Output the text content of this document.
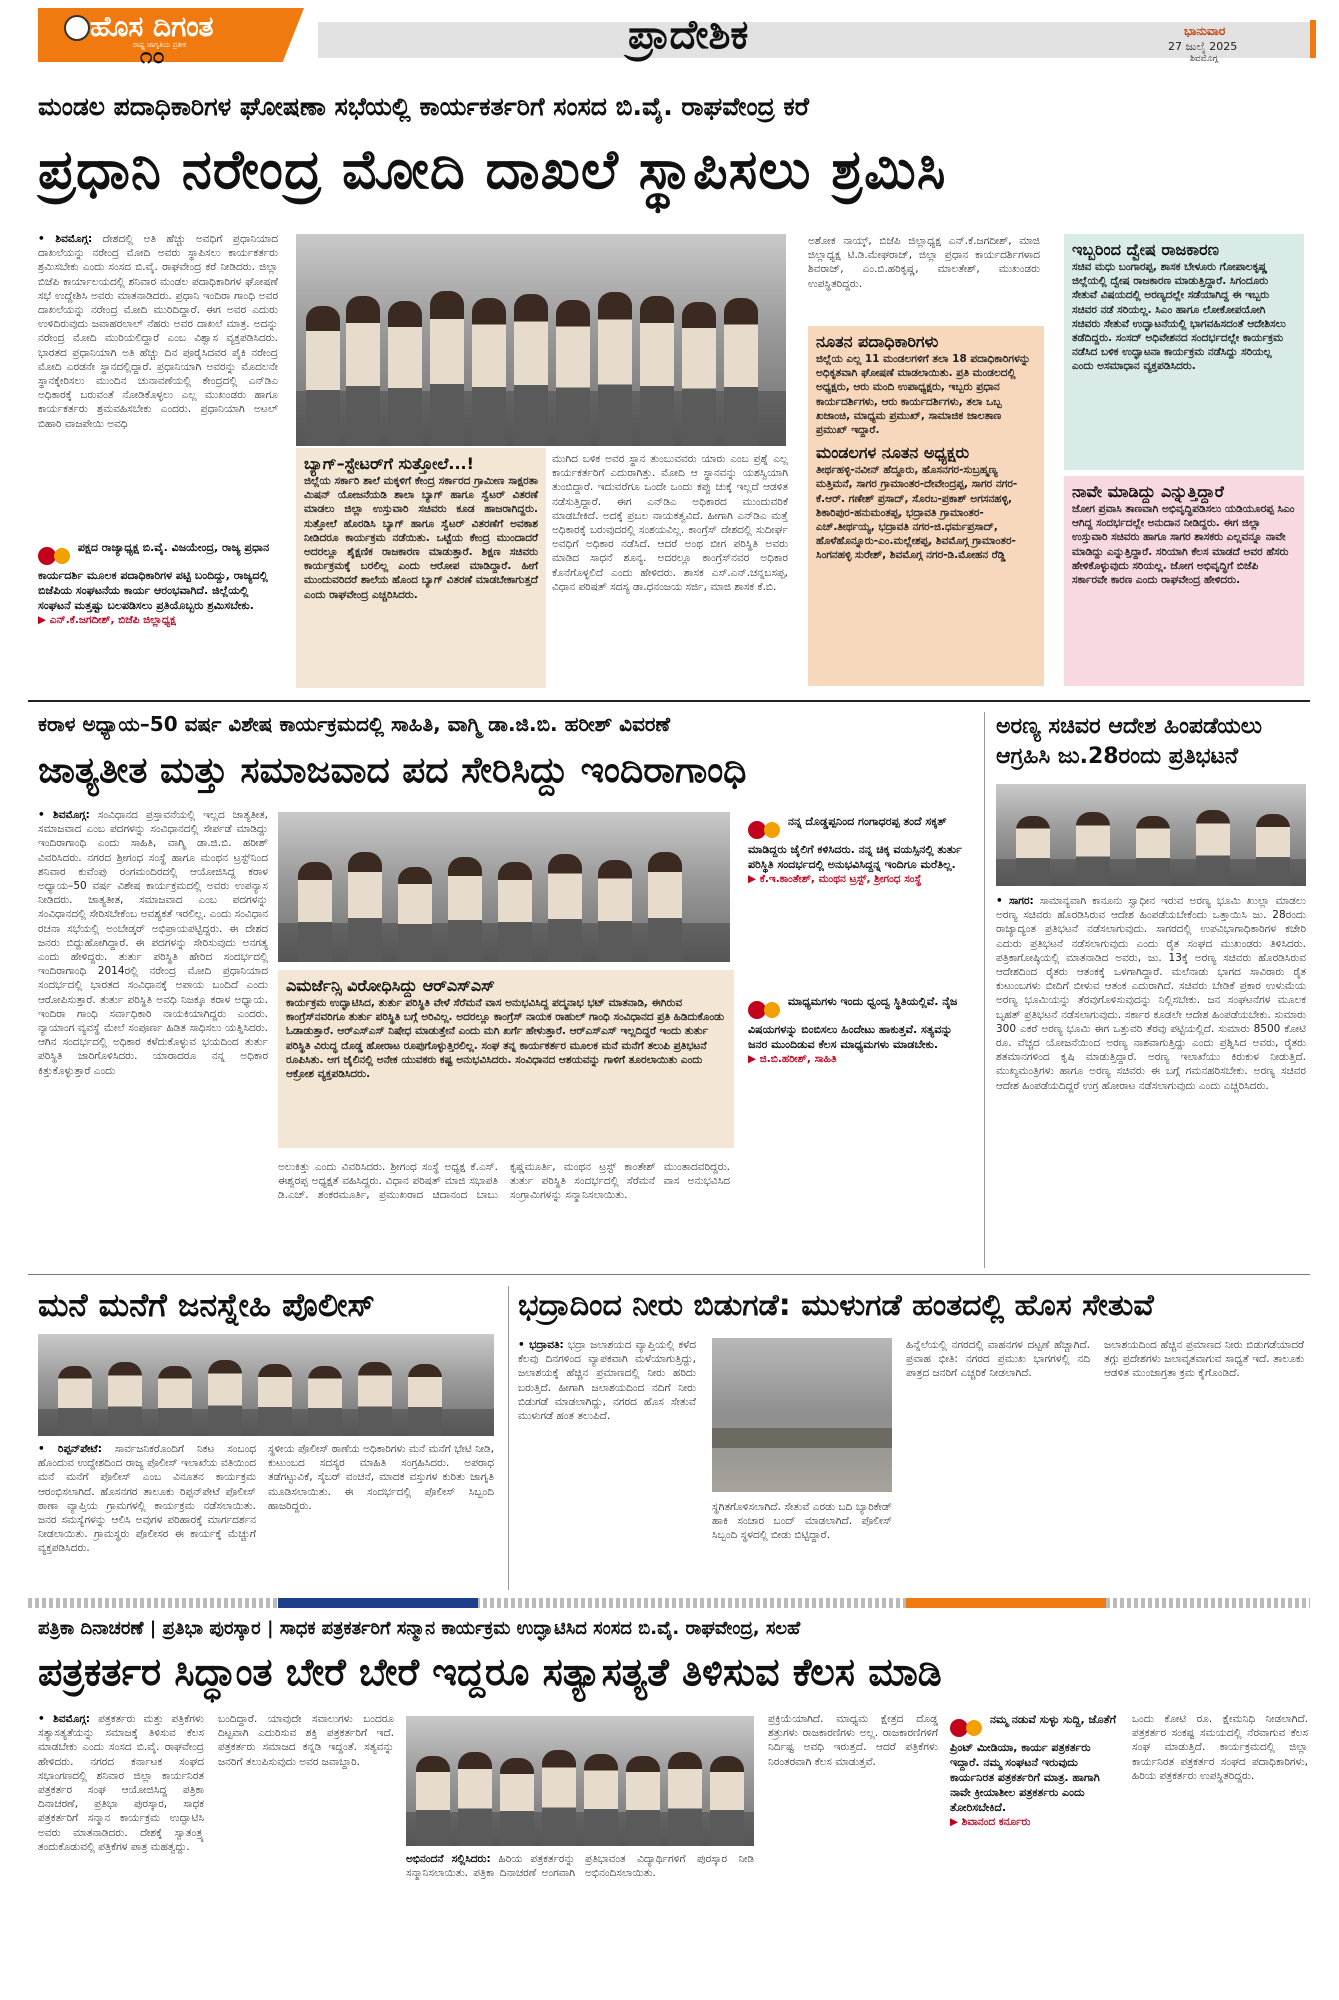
ಹೊಸ ದಿಗಂತ
ರಾಷ್ಟ್ರ ಜಾಗೃತಿಯ ಪ್ರತೀಕ
೧೦	ಪ್ರಾದೇಶಿಕ	ಭಾನುವಾರ
27 ಜುಲೈ 2025
ಶಿವಮೊಗ್ಗ
ಮಂಡಲ ಪದಾಧಿಕಾರಿಗಳ ಘೋಷಣಾ ಸಭೆಯಲ್ಲಿ ಕಾರ್ಯಕರ್ತರಿಗೆ ಸಂಸದ ಬಿ.ವೈ. ರಾಘವೇಂದ್ರ ಕರೆ
ಪ್ರಧಾನಿ ನರೇಂದ್ರ ಮೋದಿ ದಾಖಲೆ ಸ್ಥಾಪಿಸಲು ಶ್ರಮಿಸಿ
• ಶಿವಮೊಗ್ಗ: ದೇಶದಲ್ಲಿ ಅತಿ ಹೆಚ್ಚು ಅವಧಿಗೆ ಪ್ರಧಾನಿಯಾದ ದಾಖಲೆಯನ್ನು ನರೇಂದ್ರ ಮೋದಿ ಅವರು ಸ್ಥಾಪಿಸಲು ಕಾರ್ಯಕರ್ತರು ಶ್ರಮಿಸಬೇಕು ಎಂದು ಸಂಸದ ಬಿ.ವೈ. ರಾಘವೇಂದ್ರ ಕರೆ ನೀಡಿದರು. ಜಿಲ್ಲಾ ಬಿಜೆಪಿ ಕಾರ್ಯಾಲಯದಲ್ಲಿ ಶನಿವಾರ ಮಂಡಲ ಪದಾಧಿಕಾರಿಗಳ ಘೋಷಣೆ ಸಭೆ ಉದ್ದೇಶಿಸಿ ಅವರು ಮಾತನಾಡಿದರು. ಪ್ರಧಾನಿ ಇಂದಿರಾ ಗಾಂಧಿ ಅವರ ದಾಖಲೆಯನ್ನು ನರೇಂದ್ರ ಮೋದಿ ಮುರಿದಿದ್ದಾರೆ. ಈಗ ಅವರ ಎದುರು ಉಳಿದಿರುವುದು ಜವಾಹರಲಾಲ್ ನೆಹರು ಅವರ ದಾಖಲೆ ಮಾತ್ರ. ಅದನ್ನು ನರೇಂದ್ರ ಮೋದಿ ಮುರಿಯಲಿದ್ದಾರೆ ಎಂಬ ವಿಶ್ವಾಸ ವ್ಯಕ್ತಪಡಿಸಿದರು. ಭಾರತದ ಪ್ರಧಾನಿಯಾಗಿ ಅತಿ ಹೆಚ್ಚು ದಿನ ಪೂರೈಸಿದವರ ಪೈಕಿ ನರೇಂದ್ರ ಮೋದಿ ಎರಡನೇ ಸ್ಥಾನದಲ್ಲಿದ್ದಾರೆ. ಪ್ರಧಾನಿಯಾಗಿ ಅವರನ್ನು ಮೊದಲನೇ ಸ್ಥಾನಕ್ಕೇರಿಸಲು ಮುಂದಿನ ಚುನಾವಣೆಯಲ್ಲಿ ಕೇಂದ್ರದಲ್ಲಿ ಎನ್‌ಡಿಎ ಅಧಿಕಾರಕ್ಕೆ ಬರುವಂತೆ ನೋಡಿಕೊಳ್ಳಲು ಎಲ್ಲ ಮುಖಂಡರು ಹಾಗೂ ಕಾರ್ಯಕರ್ತರು ಶ್ರಮವಹಿಸಬೇಕು ಎಂದರು. ಪ್ರಧಾನಿಯಾಗಿ ಅಟಲ್ ಬಿಹಾರಿ ವಾಜಪೇಯಿ ಅವಧಿ
ಪಕ್ಷದ ರಾಜ್ಯಾಧ್ಯಕ್ಷ ಬಿ.ವೈ. ವಿಜಯೇಂದ್ರ, ರಾಜ್ಯ ಪ್ರಧಾನ ಕಾರ್ಯದರ್ಶಿ ಮೂಲಕ ಪದಾಧಿಕಾರಿಗಳ ಪಟ್ಟಿ ಬಂದಿದ್ದು, ರಾಜ್ಯದಲ್ಲಿ ಬಿಜೆಪಿಯ ಸಂಘಟನೆಯ ಕಾರ್ಯ ಆರಂಭವಾಗಿದೆ. ಜಿಲ್ಲೆಯಲ್ಲಿ ಸಂಘಟನೆ ಮತ್ತಷ್ಟು ಬಲಪಡಿಸಲು ಪ್ರತಿಯೊಬ್ಬರು ಶ್ರಮಿಸಬೇಕು.
▶ ಎನ್.ಕೆ.ಜಗದೀಶ್, ಬಿಜೆಪಿ ಜಿಲ್ಲಾಧ್ಯಕ್ಷ
ಬ್ಯಾಗ್–ಸ್ಟೇಟರ್‌ಗೆ ಸುತ್ತೋಲೆ...!
ಜಿಲ್ಲೆಯ ಸರ್ಕಾರಿ ಶಾಲೆ ಮಕ್ಕಳಿಗೆ ಕೇಂದ್ರ ಸರ್ಕಾರದ ಗ್ರಾಮೀಣ ಸಾಕ್ಷರತಾ ಮಿಷನ್ ಯೋಜನೆಯಡಿ ಶಾಲಾ ಬ್ಯಾಗ್ ಹಾಗೂ ಸ್ವೆಟರ್ ವಿತರಣೆ ಮಾಡಲು ಜಿಲ್ಲಾ ಉಸ್ತುವಾರಿ ಸಚಿವರು ಕೂಡ ಹಾಜರಾಗಿದ್ದರು. ಸುತ್ತೋಲೆ ಹೊರಡಿಸಿ ಬ್ಯಾಗ್ ಹಾಗೂ ಸ್ವೆಟರ್ ವಿತರಣೆಗೆ ಅವಕಾಶ ನೀಡಿದರೂ ಕಾರ್ಯಕ್ರಮ ನಡೆಯಿತು. ಒಟ್ಟೆಯ ಕೇಂದ್ರ ಮುಂದಾದರೆ ಅದರಲ್ಲೂ ಶೈಕ್ಷಣಿಕ ರಾಜಕಾರಣ ಮಾಡುತ್ತಾರೆ. ಶಿಕ್ಷಣ ಸಚಿವರು ಕಾರ್ಯಕ್ರಮಕ್ಕೆ ಬರಲಿಲ್ಲ ಎಂದು ಆರೋಪ ಮಾಡಿದ್ದಾರೆ. ಹೀಗೆ ಮುಂದುವರಿದರೆ ಶಾಲೆಯ ಹೊಂದ ಬ್ಯಾಗ್ ವಿತರಣೆ ಮಾಡಬೇಕಾಗುತ್ತದೆ ಎಂದು ರಾಘವೇಂದ್ರ ಎಚ್ಚರಿಸಿದರು.
ಮುಗಿದ ಬಳಿಕ ಅವರ ಸ್ಥಾನ ತುಂಬುವವರು ಯಾರು ಎಂಬ ಪ್ರಶ್ನೆ ಎಲ್ಲ ಕಾರ್ಯಕರ್ತರಿಗೆ ಎದುರಾಗಿತ್ತು. ಮೋದಿ ಆ ಸ್ಥಾನವನ್ನು ಯಶಸ್ವಿಯಾಗಿ ತುಂಬಿದ್ದಾರೆ. ಇದುವರೆಗೂ ಒಂದೇ ಒಂದು ಕಪ್ಪು ಚುಕ್ಕೆ ಇಲ್ಲದೆ ಆಡಳಿತ ನಡೆಸುತ್ತಿದ್ದಾರೆ. ಈಗ ಎನ್‌ಡಿಎ ಅಧಿಕಾರದ ಮುಂದುವರಿಕೆ ಮಾಡಬೇಕಿದೆ. ಅದಕ್ಕೆ ಪ್ರಬಲ ನಾಯಕತ್ವವಿದೆ. ಹೀಗಾಗಿ ಎನ್‌ಡಿಎ ಮತ್ತೆ ಅಧಿಕಾರಕ್ಕೆ ಬರುವುದರಲ್ಲಿ ಸಂಶಯವಿಲ್ಲ. ಕಾಂಗ್ರೆಸ್ ದೇಶದಲ್ಲಿ ಸುದೀರ್ಘ ಅವಧಿಗೆ ಅಧಿಕಾರ ನಡೆಸಿದೆ. ಆದರೆ ಅಂಥ ಬೀಗ ಪರಿಸ್ಥಿತಿ ಅವರು ಮಾಡಿದ ಸಾಧನೆ ಶೂನ್ಯ. ಅದರಲ್ಲೂ ಕಾಂಗ್ರೆಸ್‌ನವರ ಅಧಿಕಾರ ಕೊನೆಗೊಳ್ಳಲಿದೆ ಎಂದು ಹೇಳಿದರು. ಶಾಸಕ ಎಸ್.ಎನ್.ಚನ್ನಬಸಪ್ಪ, ವಿಧಾನ ಪರಿಷತ್ ಸದಸ್ಯ ಡಾ.ಧನಂಜಯ ಸರ್ಜಿ, ಮಾಜಿ ಶಾಸಕ ಕೆ.ಬಿ.
ಅಶೋಕ ನಾಯ್ಕ್, ಬಿಜೆಪಿ ಜಿಲ್ಲಾಧ್ಯಕ್ಷ ಎನ್.ಕೆ.ಜಗದೀಶ್, ಮಾಜಿ ಜಿಲ್ಲಾಧ್ಯಕ್ಷ ಟಿ.ಡಿ.ಮೇಘರಾಜ್, ಜಿಲ್ಲಾ ಪ್ರಧಾನ ಕಾರ್ಯದರ್ಶಿಗಳಾದ ಶಿವರಾಜ್, ಎಂ.ಬಿ.ಹರಿಕೃಷ್ಣ, ಮಾಲತೇಶ್, ಮುಖಂಡರು ಉಪಸ್ಥಿತರಿದ್ದರು.
ನೂತನ ಪದಾಧಿಕಾರಿಗಳು
ಜಿಲ್ಲೆಯ ಎಲ್ಲ 11 ಮಂಡಲಗಳಿಗೆ ತಲಾ 18 ಪದಾಧಿಕಾರಿಗಳನ್ನು ಅಧಿಕೃತವಾಗಿ ಘೋಷಣೆ ಮಾಡಲಾಯಿತು. ಪ್ರತಿ ಮಂಡಲದಲ್ಲಿ ಅಧ್ಯಕ್ಷರು, ಆರು ಮಂದಿ ಉಪಾಧ್ಯಕ್ಷರು, ಇಬ್ಬರು ಪ್ರಧಾನ ಕಾರ್ಯದರ್ಶಿಗಳು, ಆರು ಕಾರ್ಯದರ್ಶಿಗಳು, ತಲಾ ಒಬ್ಬ ಖಜಾಂಚಿ, ಮಾಧ್ಯಮ ಪ್ರಮುಖ್, ಸಾಮಾಜಿಕ ಜಾಲತಾಣ ಪ್ರಮುಖ್ ಇದ್ದಾರೆ.
ಮಂಡಲಗಳ ನೂತನ ಅಧ್ಯಕ್ಷರು
ತೀರ್ಥಹಳ್ಳಿ-ನವೀನ್ ಹೆದ್ದೂರು, ಹೊಸನಗರ-ಸುಬ್ರಹ್ಮಣ್ಯ ಮತ್ತಿಮನೆ, ಸಾಗರ ಗ್ರಾಮಾಂತರ-ದೇವೇಂದ್ರಪ್ಪ, ಸಾಗರ ನಗರ-ಕೆ.ಆರ್. ಗಣೇಶ್ ಪ್ರಸಾದ್, ಸೊರಬ-ಪ್ರಕಾಶ್ ಅಗಸನಹಳ್ಳಿ, ಶಿಕಾರಿಪುರ-ಹನುಮಂತಪ್ಪ, ಭದ್ರಾವತಿ ಗ್ರಾಮಾಂತರ-ಎಚ್.ತೀರ್ಥಯ್ಯ, ಭದ್ರಾವತಿ ನಗರ-ಜಿ.ಧರ್ಮಪ್ರಸಾದ್, ಹೊಳೆಹೊನ್ನೂರು-ಎಂ.ಮಲ್ಲೇಶಪ್ಪ, ಶಿವಮೊಗ್ಗ ಗ್ರಾಮಾಂತರ-ಸಿಂಗನಹಳ್ಳಿ ಸುರೇಶ್, ಶಿವಮೊಗ್ಗ ನಗರ-ಡಿ.ಮೋಹನ ರೆಡ್ಡಿ
ಇಬ್ಬರಿಂದ ದ್ವೇಷ ರಾಜಕಾರಣ
ಸಚಿವ ಮಧು ಬಂಗಾರಪ್ಪ, ಶಾಸಕ ಬೇಳೂರು ಗೋಪಾಲಕೃಷ್ಣ ಜಿಲ್ಲೆಯಲ್ಲಿ ದ್ವೇಷ ರಾಜಕಾರಣ ಮಾಡುತ್ತಿದ್ದಾರೆ. ಸಿಗಂದೂರು ಸೇತುವೆ ವಿಷಯದಲ್ಲಿ ಅರಣ್ಯದಲ್ಲೇ ಸಡೆಯಾಗಿದ್ದ ಈ ಇಬ್ಬರು ಸಚಿವರ ನಡೆ ಸರಿಯಲ್ಲ. ಸಿಎಂ ಹಾಗೂ ಲೋಕೋಪಯೋಗಿ ಸಚಿವರು ಸೇತುವೆ ಉದ್ಘಾಟನೆಯಲ್ಲಿ ಭಾಗವಹಿಸದಂತೆ ಆದೇಶಿಸಲು ತಡೆದಿದ್ದರು. ಸಂಸದ್ ಅಧಿವೇಶನದ ಸಂದರ್ಭದಲ್ಲೇ ಕಾರ್ಯಕ್ರಮ ನಡೆಸಿದ ಬಳಿಕ ಉದ್ಘಾಟನಾ ಕಾರ್ಯಕ್ರಮ ನಡೆಸಿದ್ದು ಸರಿಯಲ್ಲ ಎಂದು ಅಸಮಾಧಾನ ವ್ಯಕ್ತಪಡಿಸಿದರು.
ನಾವೇ ಮಾಡಿದ್ದು ಎನ್ನುತ್ತಿದ್ದಾರೆ
ಜೋಗ ಪ್ರವಾಸಿ ತಾಣವಾಗಿ ಅಭಿವೃದ್ಧಿಪಡಿಸಲು ಯಡಿಯೂರಪ್ಪ ಸಿಎಂ ಆಗಿದ್ದ ಸಂದರ್ಭದಲ್ಲೇ ಅನುದಾನ ನೀಡಿದ್ದರು. ಈಗ ಜಿಲ್ಲಾ ಉಸ್ತುವಾರಿ ಸಚಿವರು ಹಾಗೂ ಸಾಗರ ಶಾಸಕರು ಎಲ್ಲವನ್ನೂ ನಾವೇ ಮಾಡಿದ್ದು ಎನ್ನುತ್ತಿದ್ದಾರೆ. ಸರಿಯಾಗಿ ಕೆಲಸ ಮಾಡದೆ ಅವರ ಹೆಸರು ಹೇಳಿಕೊಳ್ಳುವುದು ಸರಿಯಲ್ಲ. ಜೋಗ ಅಭಿವೃದ್ಧಿಗೆ ಬಿಜೆಪಿ ಸರ್ಕಾರವೇ ಕಾರಣ ಎಂದು ರಾಘವೇಂದ್ರ ಹೇಳಿದರು.
ಕರಾಳ ಅಧ್ಯಾಯ–50 ವರ್ಷ ವಿಶೇಷ ಕಾರ್ಯಕ್ರಮದಲ್ಲಿ ಸಾಹಿತಿ, ವಾಗ್ಮಿ ಡಾ.ಜಿ.ಬಿ. ಹರೀಶ್ ವಿವರಣೆ
ಜಾತ್ಯತೀತ ಮತ್ತು ಸಮಾಜವಾದ ಪದ ಸೇರಿಸಿದ್ದು ಇಂದಿರಾಗಾಂಧಿ
• ಶಿವಮೊಗ್ಗ: ಸಂವಿಧಾನದ ಪ್ರಸ್ತಾವನೆಯಲ್ಲಿ ಇಲ್ಲದ ಜಾತ್ಯತೀತ, ಸಮಾಜವಾದ ಎಂಬ ಪದಗಳನ್ನು ಸಂವಿಧಾನದಲ್ಲಿ ಸೇರ್ಪಡೆ ಮಾಡಿದ್ದು ಇಂದಿರಾಗಾಂಧಿ ಎಂದು ಸಾಹಿತಿ, ವಾಗ್ಮಿ ಡಾ.ಜಿ.ಬಿ. ಹರೀಶ್ ವಿವರಿಸಿದರು. ನಗರದ ಶ್ರೀಗಂಧ ಸಂಸ್ಥೆ ಹಾಗೂ ಮಂಥನ ಟ್ರಸ್ಟ್‌ನಿಂದ ಶನಿವಾರ ಕುವೆಂಪು ರಂಗಮಂದಿರದಲ್ಲಿ ಆಯೋಜಿಸಿದ್ದ ಕರಾಳ ಅಧ್ಯಾಯ–50 ವರ್ಷ ವಿಶೇಷ ಕಾರ್ಯಕ್ರಮದಲ್ಲಿ ಅವರು ಉಪನ್ಯಾಸ ನೀಡಿದರು. ಜಾತ್ಯತೀತ, ಸಮಾಜವಾದ ಎಂಬ ಪದಗಳನ್ನು ಸಂವಿಧಾನದಲ್ಲಿ ಸೇರಿಸಬೇಕೆಂಬ ಅವಶ್ಯಕತೆ ಇರಲಿಲ್ಲ. ಎಂದು ಸಂವಿಧಾನ ರಚನಾ ಸಭೆಯಲ್ಲಿ ಅಂಬೇಡ್ಕರ್ ಅಭಿಪ್ರಾಯಪಟ್ಟಿದ್ದರು. ಈ ದೇಶದ ಜನರು ಬಿದ್ದುಹೋಗಿದ್ದಾರೆ. ಈ ಪದಗಳನ್ನು ಸೇರಿಸುವುದು ಅನಗತ್ಯ ಎಂದು ಹೇಳಿದ್ದರು. ತುರ್ತು ಪರಿಸ್ಥಿತಿ ಹೇರಿದ ಸಂದರ್ಭದಲ್ಲಿ ಇಂದಿರಾಗಾಂಧಿ 2014ರಲ್ಲಿ ನರೇಂದ್ರ ಮೋದಿ ಪ್ರಧಾನಿಯಾದ ಸಂದರ್ಭದಲ್ಲಿ ಭಾರತದ ಸಂವಿಧಾನಕ್ಕೆ ಅಪಾಯ ಬಂದಿದೆ ಎಂದು ಆರೋಪಿಸುತ್ತಾರೆ. ತುರ್ತು ಪರಿಸ್ಥಿತಿ ಅವಧಿ ನಿಜಕ್ಕೂ ಕರಾಳ ಅಧ್ಯಾಯ. ಇಂದಿರಾ ಗಾಂಧಿ ಸರ್ವಾಧಿಕಾರಿ ನಾಯಕಿಯಾಗಿದ್ದರು ಎಂದರು. ನ್ಯಾಯಾಂಗ ವ್ಯವಸ್ಥೆ ಮೇಲೆ ಸಂಪೂರ್ಣ ಹಿಡಿತ ಸಾಧಿಸಲು ಯತ್ನಿಸಿದರು. ಆಗಿನ ಸಂದರ್ಭದಲ್ಲಿ ಅಧಿಕಾರ ಕಳೆದುಕೊಳ್ಳುವ ಭಯದಿಂದ ತುರ್ತು ಪರಿಸ್ಥಿತಿ ಜಾರಿಗೊಳಿಸಿದರು. ಯಾರಾದರೂ ನನ್ನ ಅಧಿಕಾರ ಕಿತ್ತುಕೊಳ್ಳುತ್ತಾರೆ ಎಂದು
ಎಮರ್ಜೆನ್ಸಿ ವಿರೋಧಿಸಿದ್ದು ಆರ್‌ಎಸ್‌ಎಸ್
ಕಾರ್ಯಕ್ರಮ ಉದ್ಘಾಟಿಸಿದ, ತುರ್ತು ಪರಿಸ್ಥಿತಿ ವೇಳೆ ಸೆರೆಮನೆ ವಾಸ ಅನುಭವಿಸಿದ್ದ ಪದ್ಮನಾಭ ಭಟ್ ಮಾತನಾಡಿ, ಈಗಿರುವ ಕಾಂಗ್ರೆಸ್‌ನವರಿಗೂ ತುರ್ತು ಪರಿಸ್ಥಿತಿ ಬಗ್ಗೆ ಅರಿವಿಲ್ಲ. ಅದರಲ್ಲೂ ಕಾಂಗ್ರೆಸ್ ನಾಯಕ ರಾಹುಲ್ ಗಾಂಧಿ ಸಂವಿಧಾನದ ಪ್ರತಿ ಹಿಡಿದುಕೊಂಡು ಓಡಾಡುತ್ತಾರೆ. ಆರ್‌ಎಸ್‌ಎಸ್ ನಿಷೇಧ ಮಾಡುತ್ತೇನೆ ಎಂದು ಮಗಿ ಖರ್ಗೆ ಹೇಳುತ್ತಾರೆ. ಆರ್‌ಎಸ್‌ಎಸ್ ಇಲ್ಲದಿದ್ದರೆ ಇಂದು ತುರ್ತು ಪರಿಸ್ಥಿತಿ ವಿರುದ್ಧ ದೊಡ್ಡ ಹೋರಾಟ ರೂಪುಗೊಳ್ಳುತ್ತಿರಲಿಲ್ಲ. ಸಂಘ ತನ್ನ ಕಾರ್ಯಕರ್ತರ ಮೂಲಕ ಮನೆ ಮನೆಗೆ ತಲುಪಿ ಪ್ರತಿಭಟನೆ ರೂಪಿಸಿತು. ಆಗ ಜೈಲಿನಲ್ಲಿ ಅನೇಕ ಯುವಕರು ಕಷ್ಟ ಅನುಭವಿಸಿದರು. ಸಂವಿಧಾನದ ಆಶಯವನ್ನು ಗಾಳಿಗೆ ತೂರಲಾಯಿತು ಎಂದು ಆಕ್ರೋಶ ವ್ಯಕ್ತಪಡಿಸಿದರು.
ಅಲುಕಿತ್ತು ಎಂದು ವಿವರಿಸಿದರು. ಶ್ರೀಗಂಧ ಸಂಸ್ಥೆ ಅಧ್ಯಕ್ಷ ಕೆ.ಎಸ್. ಈಶ್ವರಪ್ಪ ಅಧ್ಯಕ್ಷತೆ ವಹಿಸಿದ್ದರು. ವಿಧಾನ ಪರಿಷತ್ ಮಾಜಿ ಸಭಾಪತಿ ಡಿ.ಎಚ್. ಶಂಕರಮೂರ್ತಿ, ಪ್ರಮುಖರಾದ ಚಿದಾನಂದ ಬಾಬು ಕೃಷ್ಣಮೂರ್ತಿ, ಮಂಥನ ಟ್ರಸ್ಟ್ ಕಾಂತೇಶ್ ಮುಂತಾದವರಿದ್ದರು. ತುರ್ತು ಪರಿಸ್ಥಿತಿ ಸಂದರ್ಭದಲ್ಲಿ ಸೆರೆಮನೆ ವಾಸ ಅನುಭವಿಸಿದ ಸಂಗ್ರಾಮಿಗಳನ್ನು ಸನ್ಮಾನಿಸಲಾಯಿತು.
ನನ್ನ ದೊಡ್ಡಪ್ಪನಿಂದ ಗಂಗಾಧರಪ್ಪ ತಂದೆ ಸಕ್ಕತ್ ಮಾಡಿದ್ದರು ಜೈಲಿಗೆ ಕಳಿಸಿದರು. ನನ್ನ ಚಿಕ್ಕ ವಯಸ್ಸಿನಲ್ಲಿ ತುರ್ತು ಪರಿಸ್ಥಿತಿ ಸಂದರ್ಭದಲ್ಲಿ ಅನುಭವಿಸಿದ್ದನ್ನ ಇಂದಿಗೂ ಮರೆತಿಲ್ಲ.
▶ ಕೆ.ಇ.ಕಾಂತೇಶ್, ಮಂಥನ ಟ್ರಸ್ಟ್, ಶ್ರೀಗಂಧ ಸಂಸ್ಥೆ
ಮಾಧ್ಯಮಗಳು ಇಂದು ಧ್ವಂದ್ವ ಸ್ಥಿತಿಯಲ್ಲಿವೆ. ನೈಜ ವಿಷಯಗಳನ್ನು ಬಿಂಬಿಸಲು ಹಿಂದೇಟು ಹಾಕುತ್ತವೆ. ಸತ್ಯವನ್ನು ಜನರ ಮುಂದಿಡುವ ಕೆಲಸ ಮಾಧ್ಯಮಗಳು ಮಾಡಬೇಕು.
▶ ಜಿ.ಬಿ.ಹರೀಶ್, ಸಾಹಿತಿ
ಅರಣ್ಯ ಸಚಿವರ ಆದೇಶ ಹಿಂಪಡೆಯಲು ಆಗ್ರಹಿಸಿ ಜು.28ರಂದು ಪ್ರತಿಭಟನೆ
• ಸಾಗರ: ಸಾಮಾನ್ಯವಾಗಿ ಕಾನೂನು ಸ್ವಾಧೀನ ಇರುವ ಅರಣ್ಯ ಭೂಮಿ ಖುಲ್ಲಾ ಮಾಡಲು ಅರಣ್ಯ ಸಚಿವರು ಹೊರಡಿಸಿರುವ ಆದೇಶ ಹಿಂಪಡೆಯಬೇಕೆಂದು ಒತ್ತಾಯಿಸಿ ಜು. 28ರಂದು ರಾಜ್ಯಾದ್ಯಂತ ಪ್ರತಿಭಟನೆ ನಡೆಸಲಾಗುವುದು. ಸಾಗರದಲ್ಲಿ ಉಪವಿಭಾಗಾಧಿಕಾರಿಗಳ ಕಚೇರಿ ಎದುರು ಪ್ರತಿಭಟನೆ ನಡೆಸಲಾಗುವುದು ಎಂದು ರೈತ ಸಂಘದ ಮುಖಂಡರು ತಿಳಿಸಿದರು. ಪತ್ರಿಕಾಗೋಷ್ಠಿಯಲ್ಲಿ ಮಾತನಾಡಿದ ಅವರು, ಜು. 13ಕ್ಕೆ ಅರಣ್ಯ ಸಚಿವರು ಹೊರಡಿಸಿರುವ ಆದೇಶದಿಂದ ರೈತರು ಆತಂಕಕ್ಕೆ ಒಳಗಾಗಿದ್ದಾರೆ. ಮಲೆನಾಡು ಭಾಗದ ಸಾವಿರಾರು ರೈತ ಕುಟುಂಬಗಳು ಬೀದಿಗೆ ಬೀಳುವ ಆತಂಕ ಎದುರಾಗಿದೆ. ಸಚಿವರು ಬೇಡಿಕೆ ಪ್ರಕಾರ ಉಳುಮೆಯ ಅರಣ್ಯ ಭೂಮಿಯನ್ನು ತೆರವುಗೊಳಿಸುವುದನ್ನು ನಿಲ್ಲಿಸಬೇಕು. ಜನ ಸಂಘಟನೆಗಳ ಮೂಲಕ ಬೃಹತ್ ಪ್ರತಿಭಟನೆ ನಡೆಸಲಾಗುವುದು. ಸರ್ಕಾರ ಕೂಡಲೇ ಆದೇಶ ಹಿಂಪಡೆಯಬೇಕು. ಸುಮಾರು 300 ಎಕರೆ ಅರಣ್ಯ ಭೂಮಿ ಈಗ ಒತ್ತುವರಿ ತೆರವು ಪಟ್ಟಿಯಲ್ಲಿದೆ. ಸುಮಾರು 8500 ಕೋಟಿ ರೂ. ವೆಚ್ಚದ ಯೋಜನೆಯಿಂದ ಅರಣ್ಯ ನಾಶವಾಗುತ್ತಿದ್ದು ಎಂದು ಪ್ರಶ್ನಿಸಿದ ಅವರು, ರೈತರು ಶತಮಾನಗಳಿಂದ ಕೃಷಿ ಮಾಡುತ್ತಿದ್ದಾರೆ. ಅರಣ್ಯ ಇಲಾಖೆಯು ಕಿರುಕುಳ ನೀಡುತ್ತಿದೆ. ಮುಖ್ಯಮಂತ್ರಿಗಳು ಹಾಗೂ ಅರಣ್ಯ ಸಚಿವರು ಈ ಬಗ್ಗೆ ಗಮನಹರಿಸಬೇಕು. ಅರಣ್ಯ ಸಚಿವರ ಆದೇಶ ಹಿಂಪಡೆಯದಿದ್ದರೆ ಉಗ್ರ ಹೋರಾಟ ನಡೆಸಲಾಗುವುದು ಎಂದು ಎಚ್ಚರಿಸಿದರು.
ಮನೆ ಮನೆಗೆ ಜನಸ್ನೇಹಿ ಪೊಲೀಸ್
• ರಿಪ್ಪನ್‌ಪೇಟೆ: ಸಾರ್ವಜನಿಕರೊಂದಿಗೆ ನಿಕಟ ಸಂಬಂಧ ಹೊಂದುವ ಉದ್ದೇಶದಿಂದ ರಾಜ್ಯ ಪೊಲೀಸ್ ಇಲಾಖೆಯ ವತಿಯಿಂದ ಮನೆ ಮನೆಗೆ ಪೊಲೀಸ್ ಎಂಬ ವಿನೂತನ ಕಾರ್ಯಕ್ರಮ ಆರಂಭಿಸಲಾಗಿದೆ. ಹೊಸನಗರ ತಾಲೂಕು ರಿಪ್ಪನ್‌ಪೇಟೆ ಪೊಲೀಸ್ ಠಾಣಾ ವ್ಯಾಪ್ತಿಯ ಗ್ರಾಮಗಳಲ್ಲಿ ಕಾರ್ಯಕ್ರಮ ನಡೆಸಲಾಯಿತು. ಜನರ ಸಮಸ್ಯೆಗಳನ್ನು ಆಲಿಸಿ ಅವುಗಳ ಪರಿಹಾರಕ್ಕೆ ಮಾರ್ಗದರ್ಶನ ನೀಡಲಾಯಿತು. ಗ್ರಾಮಸ್ಥರು ಪೊಲೀಸರ ಈ ಕಾರ್ಯಕ್ಕೆ ಮೆಚ್ಚುಗೆ ವ್ಯಕ್ತಪಡಿಸಿದರು.
ಸ್ಥಳೀಯ ಪೊಲೀಸ್ ಠಾಣೆಯ ಅಧಿಕಾರಿಗಳು ಮನೆ ಮನೆಗೆ ಭೇಟಿ ನೀಡಿ, ಕುಟುಂಬದ ಸದಸ್ಯರ ಮಾಹಿತಿ ಸಂಗ್ರಹಿಸಿದರು. ಅಪರಾಧ ತಡೆಗಟ್ಟುವಿಕೆ, ಸೈಬರ್ ವಂಚನೆ, ಮಾದಕ ವಸ್ತುಗಳ ಕುರಿತು ಜಾಗೃತಿ ಮೂಡಿಸಲಾಯಿತು. ಈ ಸಂದರ್ಭದಲ್ಲಿ ಪೊಲೀಸ್ ಸಿಬ್ಬಂದಿ ಹಾಜರಿದ್ದರು.
ಭದ್ರಾದಿಂದ ನೀರು ಬಿಡುಗಡೆ: ಮುಳುಗಡೆ ಹಂತದಲ್ಲಿ ಹೊಸ ಸೇತುವೆ
• ಭದ್ರಾವತಿ: ಭದ್ರಾ ಜಲಾಶಯದ ವ್ಯಾಪ್ತಿಯಲ್ಲಿ ಕಳೆದ ಕೆಲವು ದಿನಗಳಿಂದ ವ್ಯಾಪಕವಾಗಿ ಮಳೆಯಾಗುತ್ತಿದ್ದು, ಜಲಾಶಯಕ್ಕೆ ಹೆಚ್ಚಿನ ಪ್ರಮಾಣದಲ್ಲಿ ನೀರು ಹರಿದು ಬರುತ್ತಿದೆ. ಹೀಗಾಗಿ ಜಲಾಶಯದಿಂದ ನದಿಗೆ ನೀರು ಬಿಡುಗಡೆ ಮಾಡಲಾಗಿದ್ದು, ನಗರದ ಹೊಸ ಸೇತುವೆ ಮುಳುಗಡೆ ಹಂತ ತಲುಪಿದೆ.
ಸ್ಥಗಿತಗೊಳಿಸಲಾಗಿದೆ. ಸೇತುವೆ ಎರಡು ಬದಿ ಬ್ಯಾರಿಕೇಡ್ ಹಾಕಿ ಸಂಚಾರ ಬಂದ್ ಮಾಡಲಾಗಿದೆ. ಪೊಲೀಸ್ ಸಿಬ್ಬಂದಿ ಸ್ಥಳದಲ್ಲಿ ಬೀಡು ಬಿಟ್ಟಿದ್ದಾರೆ.
ಹಿನ್ನೆಲೆಯಲ್ಲಿ ನಗರದಲ್ಲಿ ವಾಹನಗಳ ದಟ್ಟಣೆ ಹೆಚ್ಚಾಗಿದೆ. ಪ್ರವಾಹ ಭೀತಿ: ನಗರದ ಪ್ರಮುಖ ಭಾಗಗಳಲ್ಲಿ ನದಿ ಪಾತ್ರದ ಜನರಿಗೆ ಎಚ್ಚರಿಕೆ ನೀಡಲಾಗಿದೆ.
ಜಲಾಶಯದಿಂದ ಹೆಚ್ಚಿನ ಪ್ರಮಾಣದ ನೀರು ಬಿಡುಗಡೆಯಾದರೆ ತಗ್ಗು ಪ್ರದೇಶಗಳು ಜಲಾವೃತವಾಗುವ ಸಾಧ್ಯತೆ ಇದೆ. ತಾಲೂಕು ಆಡಳಿತ ಮುಂಜಾಗ್ರತಾ ಕ್ರಮ ಕೈಗೊಂಡಿದೆ.
ಪತ್ರಿಕಾ ದಿನಾಚರಣೆ | ಪ್ರತಿಭಾ ಪುರಸ್ಕಾರ | ಸಾಧಕ ಪತ್ರಕರ್ತರಿಗೆ ಸನ್ಮಾನ ಕಾರ್ಯಕ್ರಮ ಉದ್ಘಾಟಿಸಿದ ಸಂಸದ ಬಿ.ವೈ. ರಾಘವೇಂದ್ರ, ಸಲಹೆ
ಪತ್ರಕರ್ತರ ಸಿದ್ಧಾಂತ ಬೇರೆ ಬೇರೆ ಇದ್ದರೂ ಸತ್ಯಾಸತ್ಯತೆ ತಿಳಿಸುವ ಕೆಲಸ ಮಾಡಿ
• ಶಿವಮೊಗ್ಗ: ಪತ್ರಕರ್ತರು ಮತ್ತು ಪತ್ರಿಕೆಗಳು ಸತ್ಯಾಸತ್ಯತೆಯನ್ನು ಸಮಾಜಕ್ಕೆ ತಿಳಿಸುವ ಕೆಲಸ ಮಾಡಬೇಕು ಎಂದು ಸಂಸದ ಬಿ.ವೈ. ರಾಘವೇಂದ್ರ ಹೇಳಿದರು. ನಗರದ ಕರ್ನಾಟಕ ಸಂಘದ ಸಭಾಂಗಣದಲ್ಲಿ ಶನಿವಾರ ಜಿಲ್ಲಾ ಕಾರ್ಯನಿರತ ಪತ್ರಕರ್ತರ ಸಂಘ ಆಯೋಜಿಸಿದ್ದ ಪತ್ರಿಕಾ ದಿನಾಚರಣೆ, ಪ್ರತಿಭಾ ಪುರಸ್ಕಾರ, ಸಾಧಕ ಪತ್ರಕರ್ತರಿಗೆ ಸನ್ಮಾನ ಕಾರ್ಯಕ್ರಮ ಉದ್ಘಾಟಿಸಿ ಅವರು ಮಾತನಾಡಿದರು. ದೇಶಕ್ಕೆ ಸ್ವಾತಂತ್ರ್ಯ ತಂದುಕೊಡುವಲ್ಲಿ ಪತ್ರಿಕೆಗಳ ಪಾತ್ರ ಮಹತ್ವದ್ದು.
ಬಂದಿದ್ದಾರೆ. ಯಾವುದೇ ಸವಾಲುಗಳು ಬಂದರೂ ದಿಟ್ಟವಾಗಿ ಎದುರಿಸುವ ಶಕ್ತಿ ಪತ್ರಕರ್ತರಿಗೆ ಇದೆ. ಪತ್ರಕರ್ತರು ಸಮಾಜದ ಕನ್ನಡಿ ಇದ್ದಂತೆ. ಸತ್ಯವನ್ನು ಜನರಿಗೆ ತಲುಪಿಸುವುದು ಅವರ ಜವಾಬ್ದಾರಿ.
ಅಭಿನಂದನೆ ಸಲ್ಲಿಸಿದರು: ಹಿರಿಯ ಪತ್ರಕರ್ತರನ್ನು ಸನ್ಮಾನಿಸಲಾಯಿತು. ಪತ್ರಿಕಾ ದಿನಾಚರಣೆ ಅಂಗವಾಗಿ ಪ್ರತಿಭಾವಂತ ವಿದ್ಯಾರ್ಥಿಗಳಿಗೆ ಪುರಸ್ಕಾರ ನೀಡಿ ಅಭಿನಂದಿಸಲಾಯಿತು.
ಪ್ರಕ್ರಿಯೆಯಾಗಿದೆ. ಮಾಧ್ಯಮ ಕ್ಷೇತ್ರದ ದೊಡ್ಡ ಶತ್ರುಗಳು ರಾಜಕಾರಣಿಗಳು ಅಲ್ಲ. ರಾಜಕಾರಣಿಗಳಿಗೆ ನಿರ್ದಿಷ್ಟ ಅವಧಿ ಇರುತ್ತದೆ. ಆದರೆ ಪತ್ರಿಕೆಗಳು ನಿರಂತರವಾಗಿ ಕೆಲಸ ಮಾಡುತ್ತವೆ.
ನಮ್ಮ ನಡುವೆ ಸುಳ್ಳು ಸುದ್ದಿ, ಜೊತೆಗೆ ಪ್ರಿಂಟ್ ಮೀಡಿಯಾ, ಕಾರ್ಯ ಪತ್ರಕರ್ತರು ಇದ್ದಾರೆ. ನಮ್ಮ ಸಂಘಟನೆ ಇರುವುದು ಕಾರ್ಯನಿರತ ಪತ್ರಕರ್ತರಿಗೆ ಮಾತ್ರ. ಹಾಗಾಗಿ ನಾವೇ ಕ್ರೀಯಾಶೀಲ ಪತ್ರಕರ್ತರು ಎಂದು ತೋರಿಸಬೇಕಿದೆ.
▶ ಶಿವಾನಂದ ಕರ್ನೂರು
ಒಂದು ಕೋಟಿ ರೂ. ಕ್ಷೇಮನಿಧಿ ನೀಡಲಾಗಿದೆ. ಪತ್ರಕರ್ತರ ಸಂಕಷ್ಟ ಸಮಯದಲ್ಲಿ ನೆರವಾಗುವ ಕೆಲಸ ಸಂಘ ಮಾಡುತ್ತಿದೆ. ಕಾರ್ಯಕ್ರಮದಲ್ಲಿ ಜಿಲ್ಲಾ ಕಾರ್ಯನಿರತ ಪತ್ರಕರ್ತರ ಸಂಘದ ಪದಾಧಿಕಾರಿಗಳು, ಹಿರಿಯ ಪತ್ರಕರ್ತರು ಉಪಸ್ಥಿತರಿದ್ದರು.
